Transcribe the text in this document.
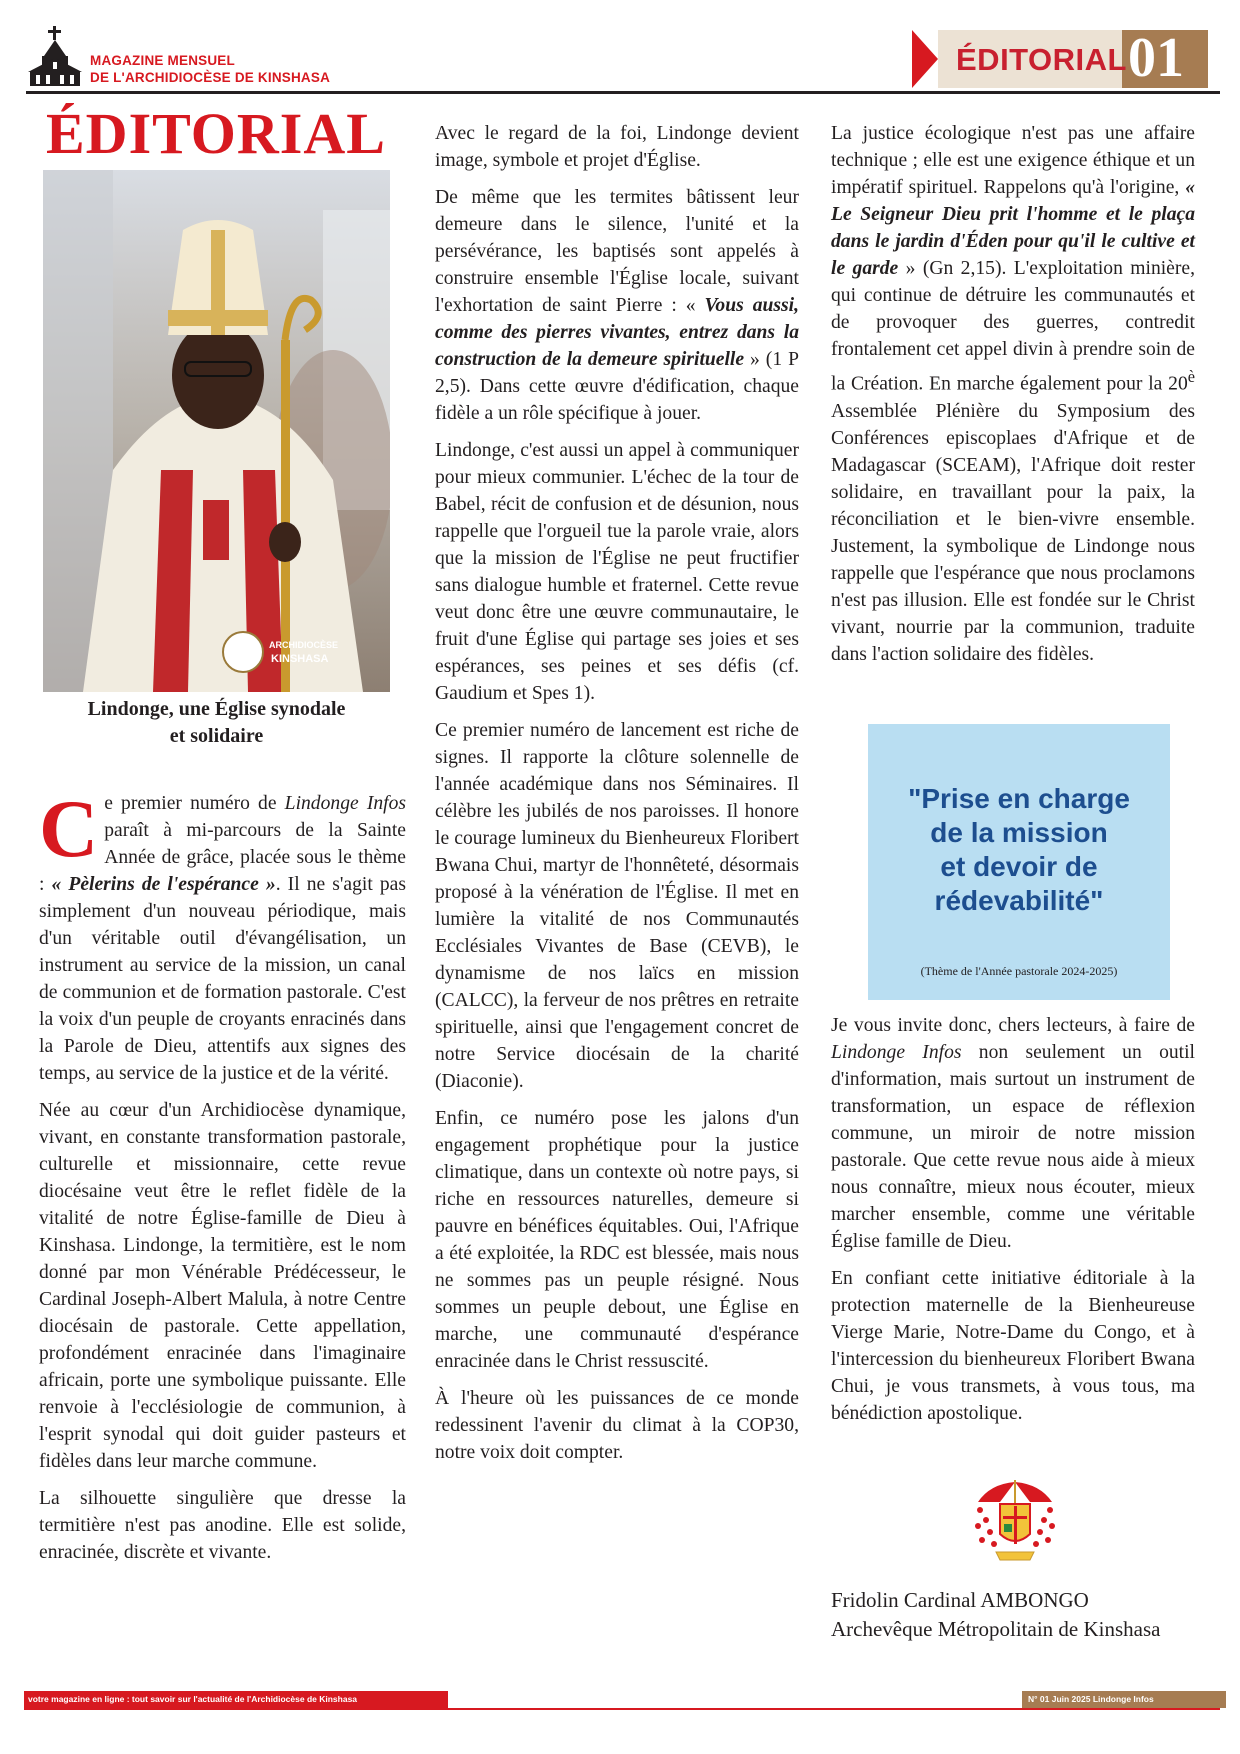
MAGAZINE MENSUEL
DE L'ARCHIDIOCÈSE DE KINSHASA
ÉDITORIAL 01
ÉDITORIAL
ARCHIDIOCÈSE
KINSHASA
Lindonge, une Église synodale
et solidaire

Ce premier numéro de Lindonge Infos paraît à mi-parcours de la Sainte Année de grâce, placée sous le thème : « Pèlerins de l'espérance ». Il ne s'agit pas simplement d'un nouveau périodique, mais d'un véritable outil d'évangélisation, un instrument au service de la mission, un canal de communion et de formation pastorale. C'est la voix d'un peuple de croyants enracinés dans la Parole de Dieu, attentifs aux signes des temps, au service de la justice et de la vérité.

Née au cœur d'un Archidiocèse dynamique, vivant, en constante transformation pastorale, culturelle et missionnaire, cette revue diocésaine veut être le reflet fidèle de la vitalité de notre Église-famille de Dieu à Kinshasa. Lindonge, la termitière, est le nom donné par mon Vénérable Prédécesseur, le Cardinal Joseph-Albert Malula, à notre Centre diocésain de pastorale. Cette appellation, profondément enracinée dans l'imaginaire africain, porte une symbolique puissante. Elle renvoie à l'ecclésiologie de communion, à l'esprit synodal qui doit guider pasteurs et fidèles dans leur marche commune.

La silhouette singulière que dresse la termitière n'est pas anodine. Elle est solide, enracinée, discrète et vivante.

Avec le regard de la foi, Lindonge devient image, symbole et projet d'Église.

De même que les termites bâtissent leur demeure dans le silence, l'unité et la persévérance, les baptisés sont appelés à construire ensemble l'Église locale, suivant l'exhortation de saint Pierre : « Vous aussi, comme des pierres vivantes, entrez dans la construction de la demeure spirituelle » (1 P 2,5). Dans cette œuvre d'édification, chaque fidèle a un rôle spécifique à jouer.

Lindonge, c'est aussi un appel à communiquer pour mieux communier. L'échec de la tour de Babel, récit de confusion et de désunion, nous rappelle que l'orgueil tue la parole vraie, alors que la mission de l'Église ne peut fructifier sans dialogue humble et fraternel. Cette revue veut donc être une œuvre communautaire, le fruit d'une Église qui partage ses joies et ses espérances, ses peines et ses défis (cf. Gaudium et Spes 1).

Ce premier numéro de lancement est riche de signes. Il rapporte la clôture solennelle de l'année académique dans nos Séminaires. Il célèbre les jubilés de nos paroisses. Il honore le courage lumineux du Bienheureux Floribert Bwana Chui, martyr de l'honnêteté, désormais proposé à la vénération de l'Église. Il met en lumière la vitalité de nos Communautés Ecclésiales Vivantes de Base (CEVB), le dynamisme de nos laïcs en mission (CALCC), la ferveur de nos prêtres en retraite spirituelle, ainsi que l'engagement concret de notre Service diocésain de la charité (Diaconie).

Enfin, ce numéro pose les jalons d'un engagement prophétique pour la justice climatique, dans un contexte où notre pays, si riche en ressources naturelles, demeure si pauvre en bénéfices équitables. Oui, l'Afrique a été exploitée, la RDC est blessée, mais nous ne sommes pas un peuple résigné. Nous sommes un peuple debout, une Église en marche, une communauté d'espérance enracinée dans le Christ ressuscité.

À l'heure où les puissances de ce monde redessinent l'avenir du climat à la COP30, notre voix doit compter.

La justice écologique n'est pas une affaire technique ; elle est une exigence éthique et un impératif spirituel. Rappelons qu'à l'origine, « Le Seigneur Dieu prit l'homme et le plaça dans le jardin d'Éden pour qu'il le cultive et le garde » (Gn 2,15). L'exploitation minière, qui continue de détruire les communautés et de provoquer des guerres, contredit frontalement cet appel divin à prendre soin de la Création. En marche également pour la $20^è$ Assemblée Plénière du Symposium des Conférences episcoplaes d'Afrique et de Madagascar (SCEAM), l'Afrique doit rester solidaire, en travaillant pour la paix, la réconciliation et le bien-vivre ensemble. Justement, la symbolique de Lindonge nous rappelle que l'espérance que nous proclamons n'est pas illusion. Elle est fondée sur le Christ vivant, nourrie par la communion, traduite dans l'action solidaire des fidèles.

"Prise en charge
de la mission
et devoir de
rédevabilité"
(Thème de l'Année pastorale 2024-2025)

Je vous invite donc, chers lecteurs, à faire de Lindonge Infos non seulement un outil d'information, mais surtout un instrument de transformation, un espace de réflexion commune, un miroir de notre mission pastorale. Que cette revue nous aide à mieux nous connaître, mieux nous écouter, mieux marcher ensemble, comme une véritable Église famille de Dieu.

En confiant cette initiative éditoriale à la protection maternelle de la Bienheureuse Vierge Marie, Notre-Dame du Congo, et à l'intercession du bienheureux Floribert Bwana Chui, je vous transmets, à vous tous, ma bénédiction apostolique.

Fridolin Cardinal AMBONGO
Archevêque Métropolitain de Kinshasa
votre magazine en ligne : tout savoir sur l'actualité de l'Archidiocèse de Kinshasa	N° 01 Juin 2025 Lindonge Infos
